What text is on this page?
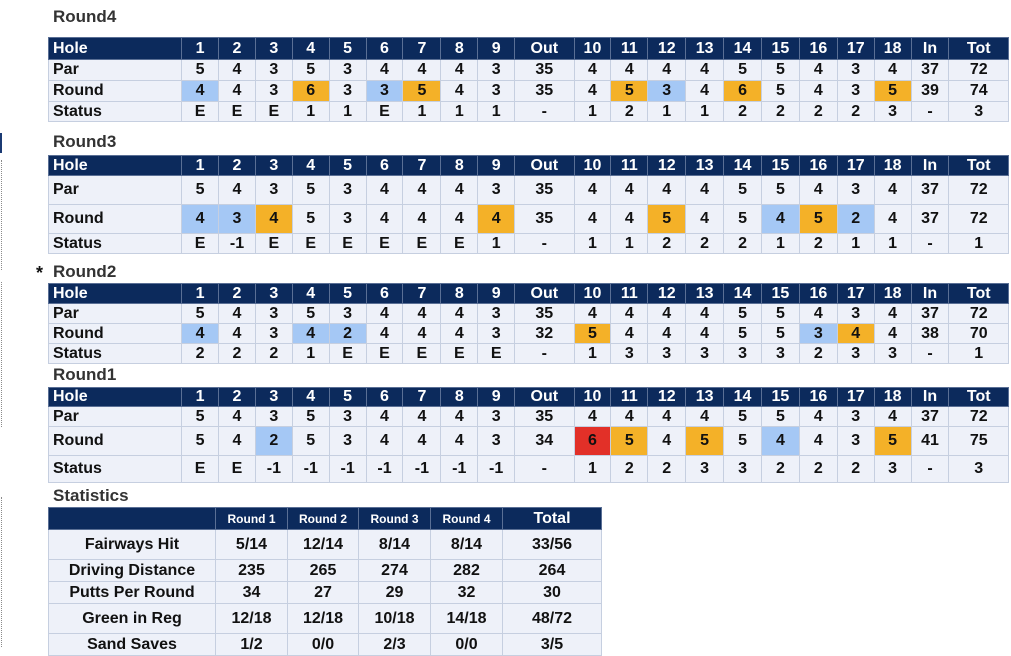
*
Round4
Hole	1	2	3	4	5	6	7	8	9	Out	10	11	12	13	14	15	16	17	18	In	Tot
Par	5	4	3	5	3	4	4	4	3	35	4	4	4	4	5	5	4	3	4	37	72
Round	4	4	3	6	3	3	5	4	3	35	4	5	3	4	6	5	4	3	5	39	74
Status	E	E	E	1	1	E	1	1	1	-	1	2	1	1	2	2	2	2	3	-	3
Round3
Hole	1	2	3	4	5	6	7	8	9	Out	10	11	12	13	14	15	16	17	18	In	Tot
Par	5	4	3	5	3	4	4	4	3	35	4	4	4	4	5	5	4	3	4	37	72
Round	4	3	4	5	3	4	4	4	4	35	4	4	5	4	5	4	5	2	4	37	72
Status	E	-1	E	E	E	E	E	E	1	-	1	1	2	2	2	1	2	1	1	-	1
Round2
Hole	1	2	3	4	5	6	7	8	9	Out	10	11	12	13	14	15	16	17	18	In	Tot
Par	5	4	3	5	3	4	4	4	3	35	4	4	4	4	5	5	4	3	4	37	72
Round	4	4	3	4	2	4	4	4	3	32	5	4	4	4	5	5	3	4	4	38	70
Status	2	2	2	1	E	E	E	E	E	-	1	3	3	3	3	3	2	3	3	-	1
Round1
Hole	1	2	3	4	5	6	7	8	9	Out	10	11	12	13	14	15	16	17	18	In	Tot
Par	5	4	3	5	3	4	4	4	3	35	4	4	4	4	5	5	4	3	4	37	72
Round	5	4	2	5	3	4	4	4	3	34	6	5	4	5	5	4	4	3	5	41	75
Status	E	E	-1	-1	-1	-1	-1	-1	-1	-	1	2	2	3	3	2	2	2	3	-	3
Statistics
	Round 1	Round 2	Round 3	Round 4	Total
Fairways Hit	5/14	12/14	8/14	8/14	33/56
Driving Distance	235	265	274	282	264
Putts Per Round	34	27	29	32	30
Green in Reg	12/18	12/18	10/18	14/18	48/72
Sand Saves	1/2	0/0	2/3	0/0	3/5
